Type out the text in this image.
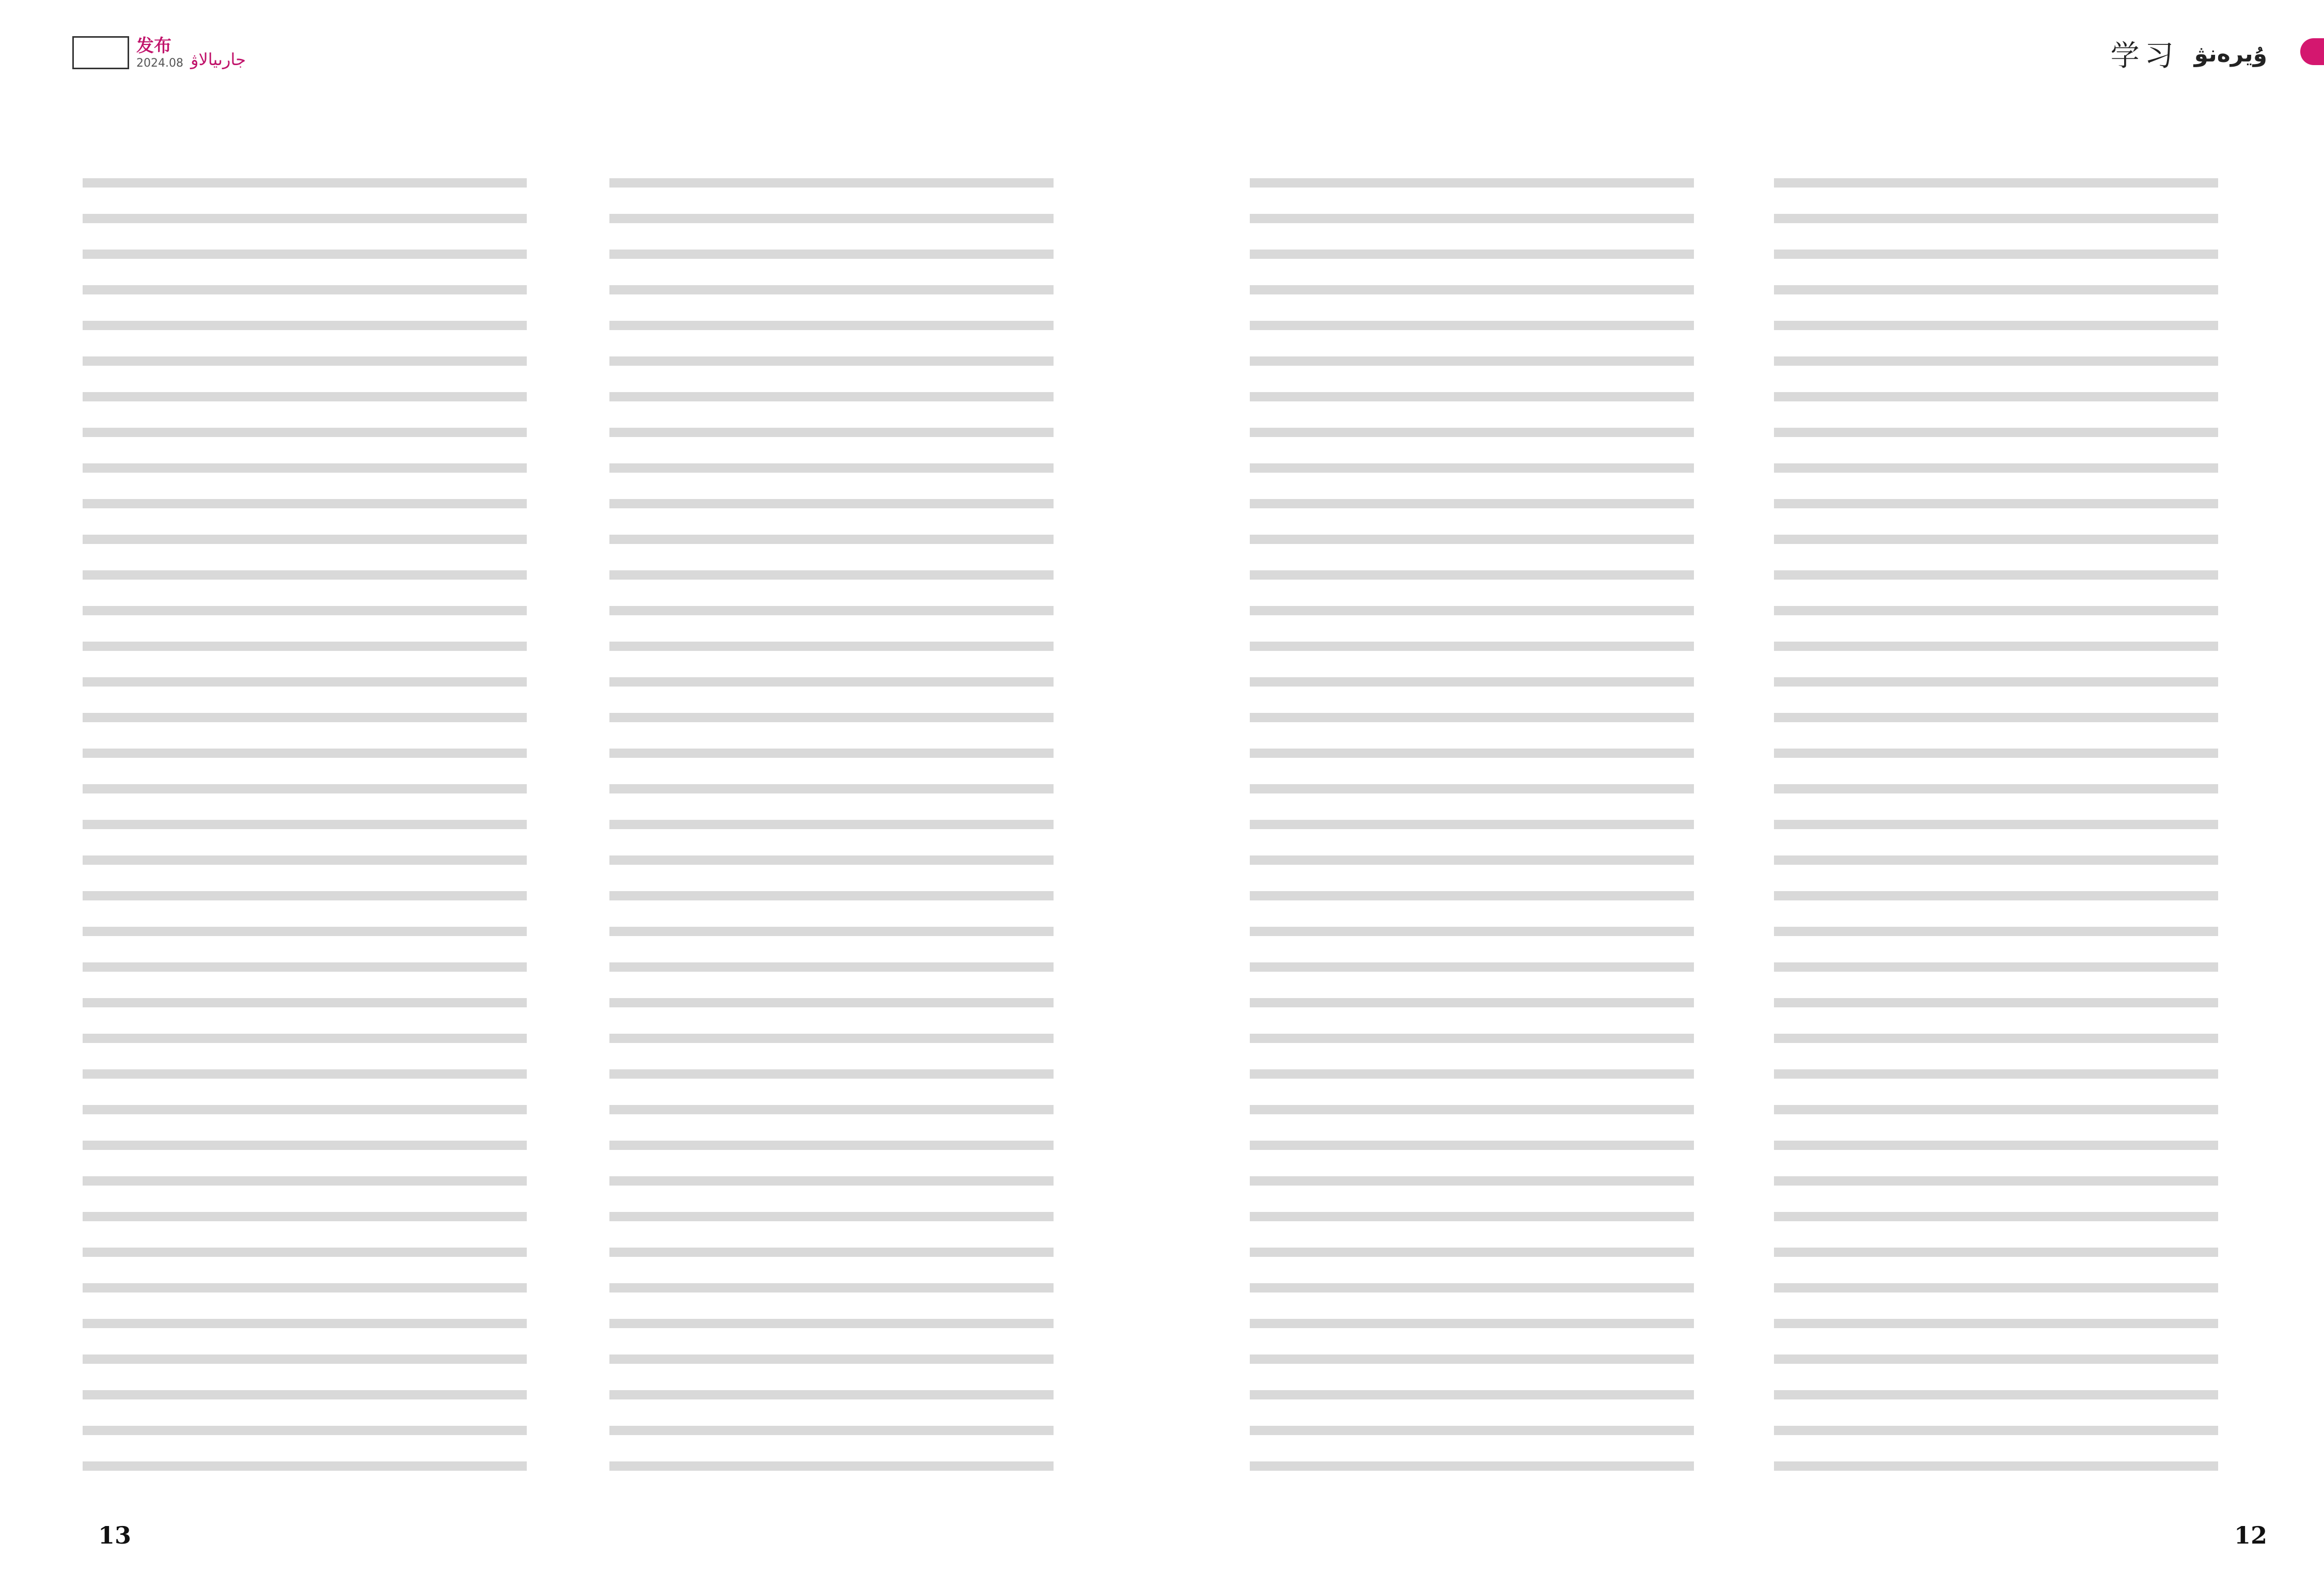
发布
2024.08 جارىيالاۋ
13
学习 ۇيرەنۋ
12
